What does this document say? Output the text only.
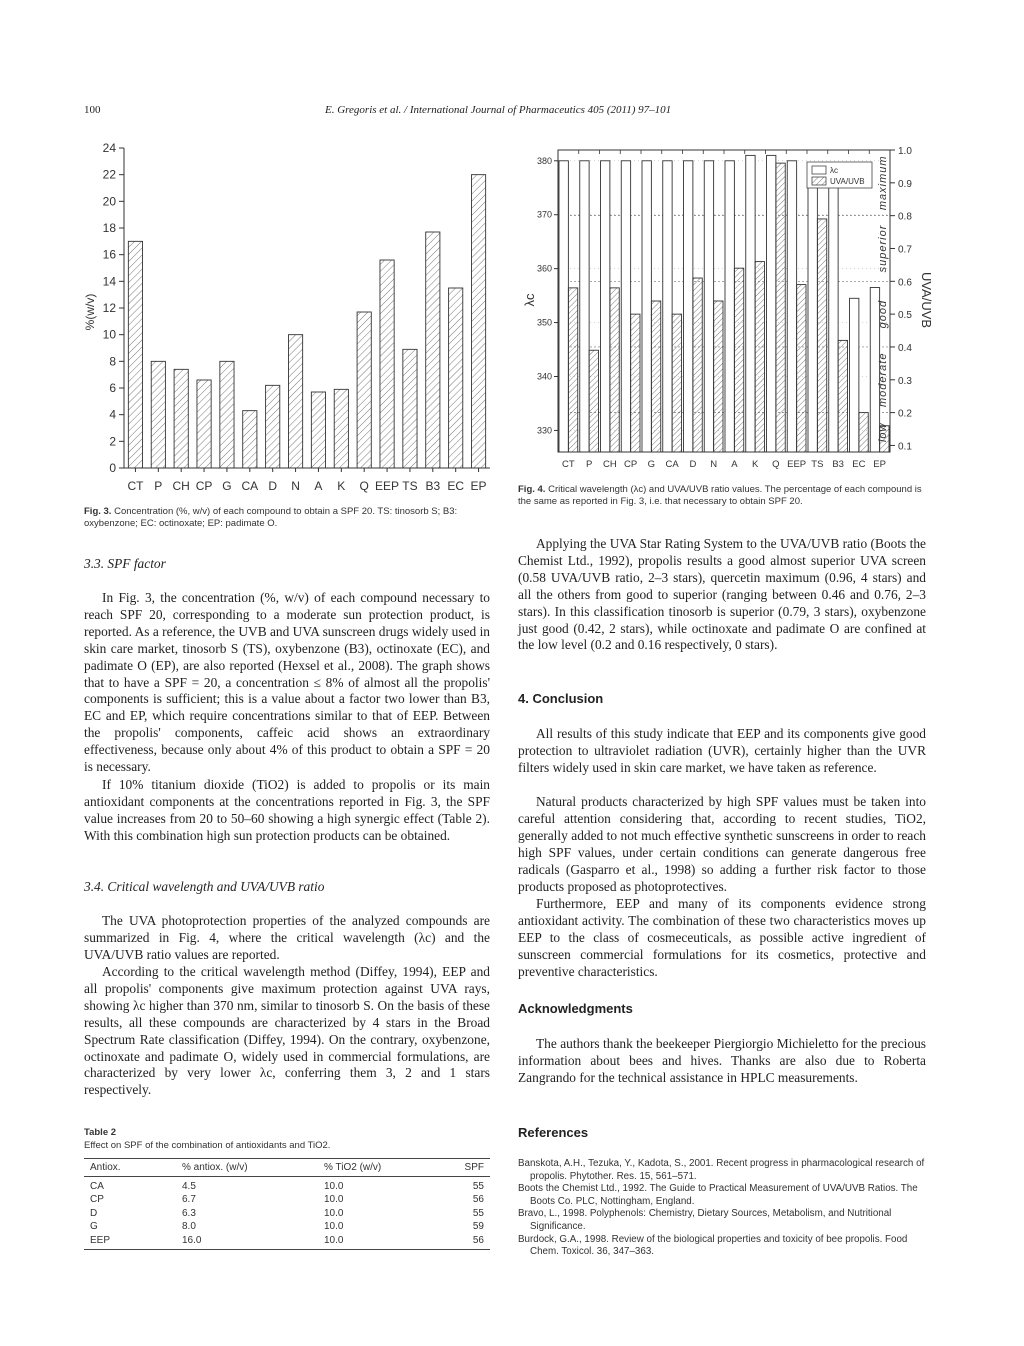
100	E. Gregoris et al. / International Journal of Pharmaceutics 405 (2011) 97–101
0
2
4
6
8
10
12
14
16
18
20
22
24
CT P CH CP G CA D N A K Q EEP TS B3 EC EP
%(w/v)
330
340
350
360
370
380
0.1
0.2
0.3
0.4
0.5
0.6
0.7
0.8
0.9
1.0
CT P CH CP G CA D N A K Q EEP TS B3 EC EP
low
moderate
good
superior
maximum
λc	UVA/UVB
λc
UVA/UVB
Fig. 3. Concentration (%, w/v) of each compound to obtain a SPF 20. TS: tinosorb S; B3: oxybenzone; EC: octinoxate; EP: padimate O.
Fig. 4. Critical wavelength (λc) and UVA/UVB ratio values. The percentage of each compound is the same as reported in Fig. 3, i.e. that necessary to obtain SPF 20.
3.3. SPF factor
In Fig. 3, the concentration (%, w/v) of each compound necessary to reach SPF 20, corresponding to a moderate sun protection product, is reported. As a reference, the UVB and UVA sunscreen drugs widely used in skin care market, tinosorb S (TS), oxybenzone (B3), octinoxate (EC), and padimate O (EP), are also reported (Hexsel et al., 2008). The graph shows that to have a SPF = 20, a concentration ≤ 8% of almost all the propolis' components is sufficient; this is a value about a factor two lower than B3, EC and EP, which require concentrations similar to that of EEP. Between the propolis' components, caffeic acid shows an extraordinary effectiveness, because only about 4% of this product to obtain a SPF = 20 is necessary.
If 10% titanium dioxide (TiO2) is added to propolis or its main antioxidant components at the concentrations reported in Fig. 3, the SPF value increases from 20 to 50–60 showing a high synergic effect (Table 2). With this combination high sun protection products can be obtained.
3.4. Critical wavelength and UVA/UVB ratio
The UVA photoprotection properties of the analyzed compounds are summarized in Fig. 4, where the critical wavelength (λc) and the UVA/UVB ratio values are reported.
According to the critical wavelength method (Diffey, 1994), EEP and all propolis' components give maximum protection against UVA rays, showing λc higher than 370 nm, similar to tinosorb S. On the basis of these results, all these compounds are characterized by 4 stars in the Broad Spectrum Rate classification (Diffey, 1994). On the contrary, oxybenzone, octinoxate and padimate O, widely used in commercial formulations, are characterized by very lower λc, conferring them 3, 2 and 1 stars respectively.
Table 2
Effect on SPF of the combination of antioxidants and TiO2.
Antiox.	% antiox. (w/v)	% TiO2 (w/v)	SPF
CA	4.5	10.0	55
CP	6.7	10.0	56
D	6.3	10.0	55
G	8.0	10.0	59
EEP	16.0	10.0	56
Applying the UVA Star Rating System to the UVA/UVB ratio (Boots the Chemist Ltd., 1992), propolis results a good almost superior UVA screen (0.58 UVA/UVB ratio, 2–3 stars), quercetin maximum (0.96, 4 stars) and all the others from good to superior (ranging between 0.46 and 0.76, 2–3 stars). In this classification tinosorb is superior (0.79, 3 stars), oxybenzone just good (0.42, 2 stars), while octinoxate and padimate O are confined at the low level (0.2 and 0.16 respectively, 0 stars).
4. Conclusion
All results of this study indicate that EEP and its components give good protection to ultraviolet radiation (UVR), certainly higher than the UVR filters widely used in skin care market, we have taken as reference.
Natural products characterized by high SPF values must be taken into careful attention considering that, according to recent studies, TiO2, generally added to not much effective synthetic sunscreens in order to reach high SPF values, under certain conditions can generate dangerous free radicals (Gasparro et al., 1998) so adding a further risk factor to those products proposed as photoprotectives.
Furthermore, EEP and many of its components evidence strong antioxidant activity. The combination of these two characteristics moves up EEP to the class of cosmeceuticals, as possible active ingredient of sunscreen commercial formulations for its cosmetics, protective and preventive characteristics.
Acknowledgments
The authors thank the beekeeper Piergiorgio Michieletto for the precious information about bees and hives. Thanks are also due to Roberta Zangrando for the technical assistance in HPLC measurements.
References
Banskota, A.H., Tezuka, Y., Kadota, S., 2001. Recent progress in pharmacological research of propolis. Phytother. Res. 15, 561–571.
Boots the Chemist Ltd., 1992. The Guide to Practical Measurement of UVA/UVB Ratios. The Boots Co. PLC, Nottingham, England.
Bravo, L., 1998. Polyphenols: Chemistry, Dietary Sources, Metabolism, and Nutritional Significance.
Burdock, G.A., 1998. Review of the biological properties and toxicity of bee propolis. Food Chem. Toxicol. 36, 347–363.
